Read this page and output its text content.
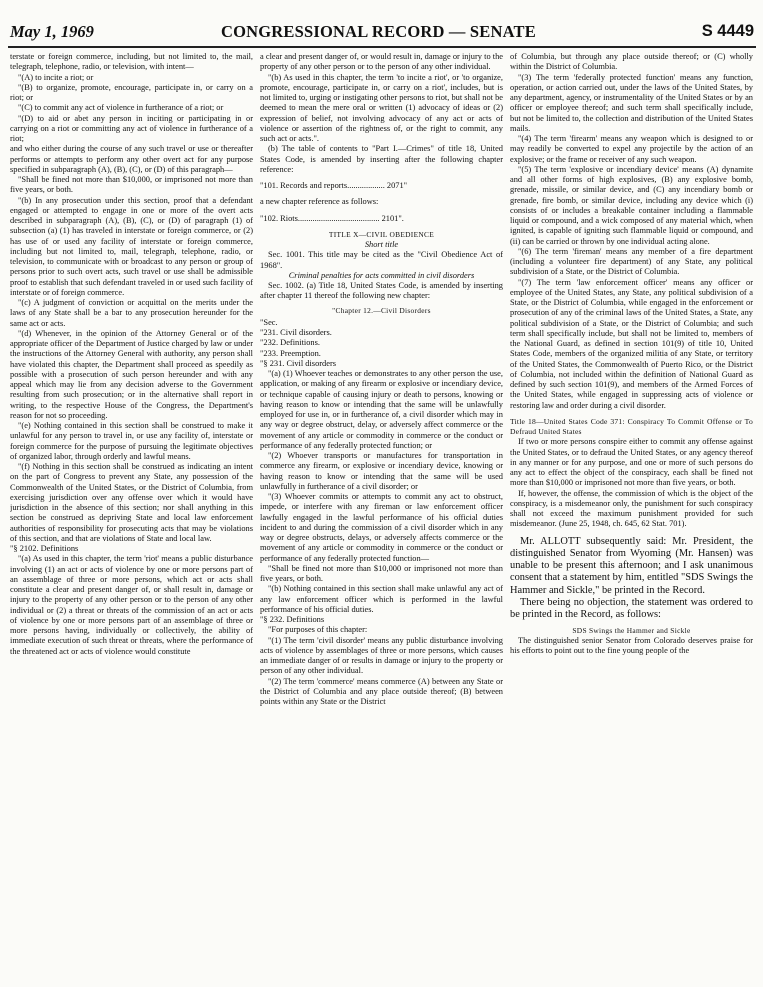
May 1, 1969	CONGRESSIONAL RECORD — SENATE	S 4449

terstate or foreign commerce, including, but not limited to, the mail, telegraph, telephone, radio, or television, with intent—

"(A) to incite a riot; or

"(B) to organize, promote, encourage, participate in, or carry on a riot; or

"(C) to commit any act of violence in furtherance of a riot; or

"(D) to aid or abet any person in inciting or participating in or carrying on a riot or committing any act of violence in furtherance of a riot;

and who either during the course of any such travel or use or thereafter performs or attempts to perform any other overt act for any purpose specified in subparagraph (A), (B), (C), or (D) of this paragraph—

"Shall be fined not more than $10,000, or imprisoned not more than five years, or both.

"(b) In any prosecution under this section, proof that a defendant engaged or attempted to engage in one or more of the overt acts described in subparagraph (A), (B), (C), or (D) of paragraph (1) of subsection (a) (1) has traveled in interstate or foreign commerce, or (2) has use of or used any facility of interstate or foreign commerce, including but not limited to, mail, telegraph, telephone, radio, or television, to communicate with or broadcast to any person or group of persons prior to such overt acts, such travel or use shall be admissible proof to establish that such defendant traveled in or used such facility of interstate or of foreign commerce.

"(c) A judgment of conviction or acquittal on the merits under the laws of any State shall be a bar to any prosecution hereunder for the same act or acts.

"(d) Whenever, in the opinion of the Attorney General or of the appropriate officer of the Department of Justice charged by law or under the instructions of the Attorney General with authority, any person shall have violated this chapter, the Department shall proceed as speedily as possible with a prosecution of such person hereunder and with any appeal which may lie from any decision adverse to the Government resulting from such prosecution; or in the alternative shall report in writing, to the respective House of the Congress, the Department's reason for not so proceeding.

"(e) Nothing contained in this section shall be construed to make it unlawful for any person to travel in, or use any facility of, interstate or foreign commerce for the purpose of pursuing the legitimate objectives of organized labor, through orderly and lawful means.

"(f) Nothing in this section shall be construed as indicating an intent on the part of Congress to prevent any State, any possession of the Commonwealth of the United States, or the District of Columbia, from exercising jurisdiction over any offense over which it would have jurisdiction in the absence of this section; nor shall anything in this section be construed as depriving State and local law enforcement authorities of responsibility for prosecuting acts that may be violations of this section, and that are violations of State and local law.

"§ 2102. Definitions

"(a) As used in this chapter, the term 'riot' means a public disturbance involving (1) an act or acts of violence by one or more persons part of an assemblage of three or more persons, which act or acts shall constitute a clear and present danger of, or shall result in, damage or injury to the property of any other person or to the person of any other individual or (2) a threat or threats of the commission of an act or acts of violence by one or more persons part of an assemblage of three or more persons having, individually or collectively, the ability of immediate execution of such threat or threats, where the performance of the threatened act or acts of violence would constitute

a clear and present danger of, or would result in, damage or injury to the property of any other person or to the person of any other individual.

"(b) As used in this chapter, the term 'to incite a riot', or 'to organize, promote, encourage, participate in, or carry on a riot', includes, but is not limited to, urging or instigating other persons to riot, but shall not be deemed to mean the mere oral or written (1) advocacy of ideas or (2) expression of belief, not involving advocacy of any act or acts of violence or assertion of the rightness of, or the right to commit, any such act or acts.".

(b) The table of contents to "Part I.—Crimes" of title 18, United States Code, is amended by inserting after the following chapter reference:

"101. Records and reports.................. 2071"

a new chapter reference as follows:

"102. Riots....................................... 2101".

TITLE X—CIVIL OBEDIENCE

Short title

Sec. 1001. This title may be cited as the "Civil Obedience Act of 1968".

Criminal penalties for acts committed in civil disorders

Sec. 1002. (a) Title 18, United States Code, is amended by inserting after chapter 11 thereof the following new chapter:

"Chapter 12.—Civil Disorders

"Sec.

"231. Civil disorders.

"232. Definitions.

"233. Preemption.

"§ 231. Civil disorders

"(a) (1) Whoever teaches or demonstrates to any other person the use, application, or making of any firearm or explosive or incendiary device, or technique capable of causing injury or death to persons, knowing or having reason to know or intending that the same will be unlawfully employed for use in, or in furtherance of, a civil disorder which may in any way or degree obstruct, delay, or adversely affect commerce or the movement of any article or commodity in commerce or the conduct or performance of any federally protected function; or

"(2) Whoever transports or manufactures for transportation in commerce any firearm, or explosive or incendiary device, knowing or having reason to know or intending that the same will be used unlawfully in furtherance of a civil disorder; or

"(3) Whoever commits or attempts to commit any act to obstruct, impede, or interfere with any fireman or law enforcement officer lawfully engaged in the lawful performance of his official duties incident to and during the commission of a civil disorder which in any way or degree obstructs, delays, or adversely affects commerce or the movement of any article or commodity in commerce or the conduct or performance of any federally protected function—

"Shall be fined not more than $10,000 or imprisoned not more than five years, or both.

"(b) Nothing contained in this section shall make unlawful any act of any law enforcement officer which is performed in the lawful performance of his official duties.

"§ 232. Definitions

"For purposes of this chapter:

"(1) The term 'civil disorder' means any public disturbance involving acts of violence by assemblages of three or more persons, which causes an immediate danger of or results in damage or injury to the property or person of any other individual.

"(2) The term 'commerce' means commerce (A) between any State or the District of Columbia and any place outside thereof; (B) between points within any State or the District

of Columbia, but through any place outside thereof; or (C) wholly within the District of Columbia.

"(3) The term 'federally protected function' means any function, operation, or action carried out, under the laws of the United States, by any department, agency, or instrumentality of the United States or by an officer or employee thereof; and such term shall specifically include, but not be limited to, the collection and distribution of the United States mails.

"(4) The term 'firearm' means any weapon which is designed to or may readily be converted to expel any projectile by the action of an explosive; or the frame or receiver of any such weapon.

"(5) The term 'explosive or incendiary device' means (A) dynamite and all other forms of high explosives, (B) any explosive bomb, grenade, missile, or similar device, and (C) any incendiary bomb or grenade, fire bomb, or similar device, including any device which (i) consists of or includes a breakable container including a flammable liquid or compound, and a wick composed of any material which, when ignited, is capable of igniting such flammable liquid or compound, and (ii) can be carried or thrown by one individual acting alone.

"(6) The term 'fireman' means any member of a fire department (including a volunteer fire department) of any State, any political subdivision of a State, or the District of Columbia.

"(7) The term 'law enforcement officer' means any officer or employee of the United States, any State, any political subdivision of a State, or the District of Columbia, while engaged in the enforcement or prosecution of any of the criminal laws of the United States, a State, any political subdivision of a State, or the District of Columbia; and such term shall specifically include, but shall not be limited to, members of the National Guard, as defined in section 101(9) of title 10, United States Code, members of the organized militia of any State, or territory of the United States, the Commonwealth of Puerto Rico, or the District of Columbia, not included within the definition of National Guard as defined by such section 101(9), and members of the Armed Forces of the United States, while engaged in suppressing acts of violence or restoring law and order during a civil disorder.

Title 18—United States Code 371: Conspiracy To Commit Offense or To Defraud United States

If two or more persons conspire either to commit any offense against the United States, or to defraud the United States, or any agency thereof in any manner or for any purpose, and one or more of such persons do any act to effect the object of the conspiracy, each shall be fined not more than $10,000 or imprisoned not more than five years, or both.

If, however, the offense, the commission of which is the object of the conspiracy, is a misdemeanor only, the punishment for such conspiracy shall not exceed the maximum punishment provided for such misdemeanor. (June 25, 1948, ch. 645, 62 Stat. 701).

Mr. ALLOTT subsequently said: Mr. President, the distinguished Senator from Wyoming (Mr. Hansen) was unable to be present this afternoon; and I ask unanimous consent that a statement by him, entitled "SDS Swings the Hammer and Sickle," be printed in the Record.

There being no objection, the statement was ordered to be printed in the Record, as follows:

SDS Swings the Hammer and Sickle

The distinguished senior Senator from Colorado deserves praise for his efforts to point out to the fine young people of the
